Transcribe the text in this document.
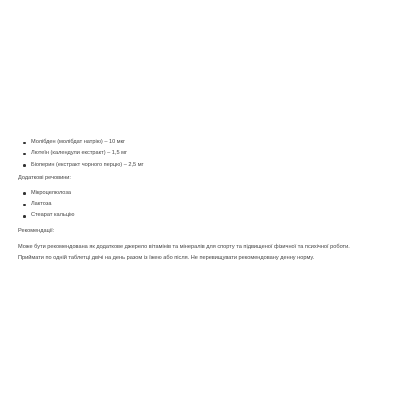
Молібден (молібдат натрію) – 10 мкг
Лютеїн (календули екстракт) – 1,5 мг
Біоперин (екстракт чорного перцю) – 2,5 мг

Додаткові речовини:

Мікроцелюлоза
Лактоза
Стеарат кальцію

Рекомендації:

Може бути рекомендована як додаткове джерело вітамінів та мінералів для спорту та підвищеної фізичної та психічної роботи.

Приймати по одній таблетці двічі на день разом із їжею або після. Не перевищувати рекомендовану денну норму.
